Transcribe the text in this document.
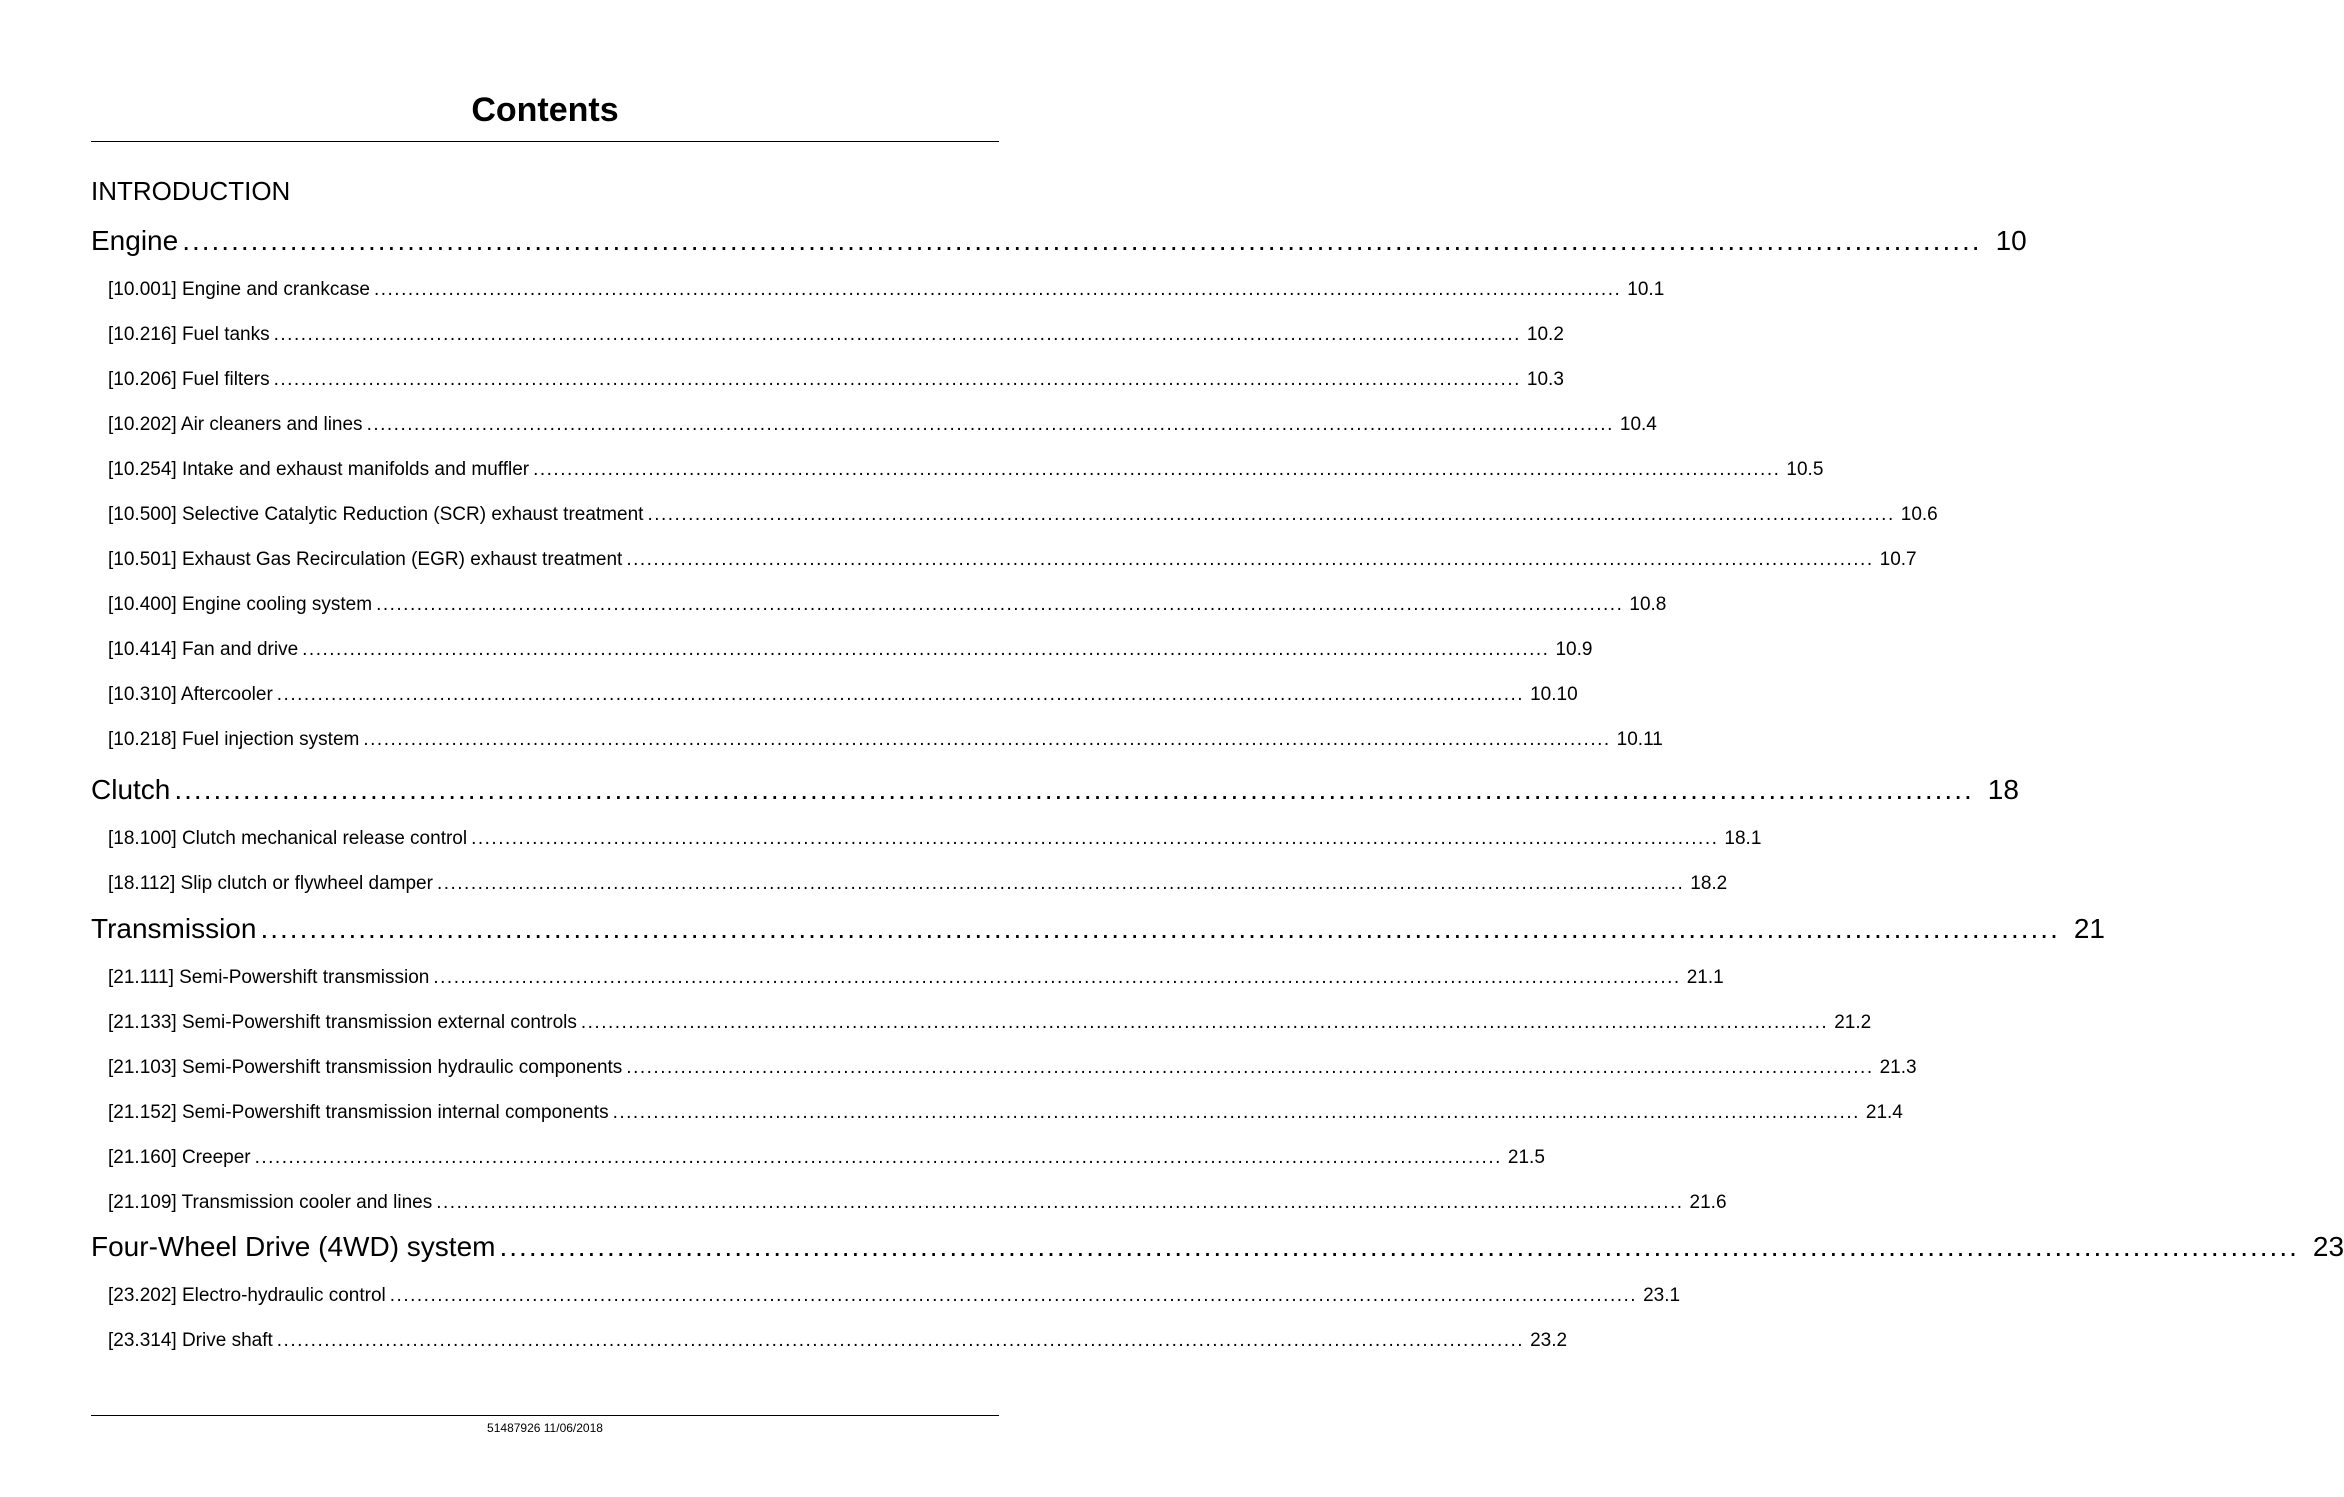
Contents
INTRODUCTION
Engine ........................................................................................................................................................................................ 10
[10.001] Engine and crankcase ........................................................................................................................................................................................ 10.1
[10.216] Fuel tanks ........................................................................................................................................................................................ 10.2
[10.206] Fuel filters ........................................................................................................................................................................................ 10.3
[10.202] Air cleaners and lines ........................................................................................................................................................................................ 10.4
[10.254] Intake and exhaust manifolds and muffler ........................................................................................................................................................................................ 10.5
[10.500] Selective Catalytic Reduction (SCR) exhaust treatment ........................................................................................................................................................................................ 10.6
[10.501] Exhaust Gas Recirculation (EGR) exhaust treatment ........................................................................................................................................................................................ 10.7
[10.400] Engine cooling system ........................................................................................................................................................................................ 10.8
[10.414] Fan and drive ........................................................................................................................................................................................ 10.9
[10.310] Aftercooler ........................................................................................................................................................................................ 10.10
[10.218] Fuel injection system ........................................................................................................................................................................................ 10.11
Clutch ........................................................................................................................................................................................ 18
[18.100] Clutch mechanical release control ........................................................................................................................................................................................ 18.1
[18.112] Slip clutch or flywheel damper ........................................................................................................................................................................................ 18.2
Transmission ........................................................................................................................................................................................ 21
[21.111] Semi-Powershift transmission ........................................................................................................................................................................................ 21.1
[21.133] Semi-Powershift transmission external controls ........................................................................................................................................................................................ 21.2
[21.103] Semi-Powershift transmission hydraulic components ........................................................................................................................................................................................ 21.3
[21.152] Semi-Powershift transmission internal components ........................................................................................................................................................................................ 21.4
[21.160] Creeper ........................................................................................................................................................................................ 21.5
[21.109] Transmission cooler and lines ........................................................................................................................................................................................ 21.6
Four-Wheel Drive (4WD) system ........................................................................................................................................................................................ 23
[23.202] Electro-hydraulic control ........................................................................................................................................................................................ 23.1
[23.314] Drive shaft ........................................................................................................................................................................................ 23.2
51487926 11/06/2018
